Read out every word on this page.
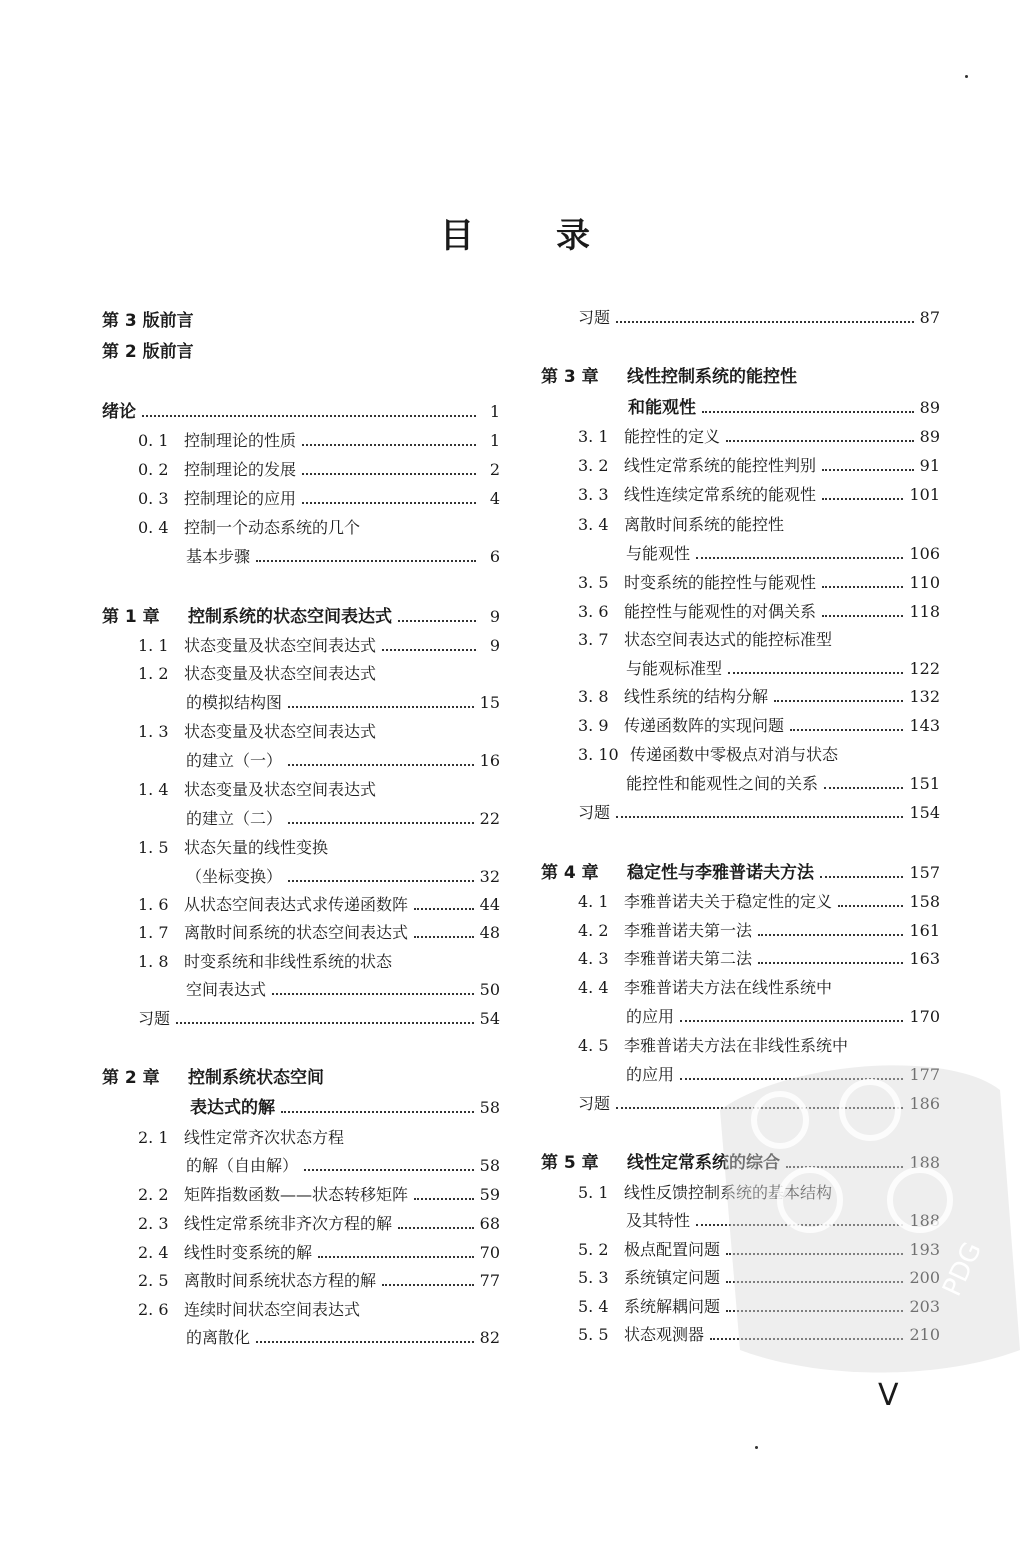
目 录
第 3 版前言
第 2 版前言
绪论	1
0. 1 控制理论的性质	1
0. 2 控制理论的发展	2
0. 3 控制理论的应用	4
0. 4 控制一个动态系统的几个
基本步骤	6
第 1 章	控制系统的状态空间表达式	9
1. 1 状态变量及状态空间表达式	9
1. 2 状态变量及状态空间表达式
的模拟结构图	15
1. 3 状态变量及状态空间表达式
的建立（一）	16
1. 4 状态变量及状态空间表达式
的建立（二）	22
1. 5 状态矢量的线性变换
（坐标变换）	32
1. 6 从状态空间表达式求传递函数阵	44
1. 7 离散时间系统的状态空间表达式	48
1. 8 时变系统和非线性系统的状态
空间表达式	50
习题	54
第 2 章	控制系统状态空间
表达式的解	58
2. 1 线性定常齐次状态方程
的解（自由解）	58
2. 2 矩阵指数函数——状态转移矩阵	59
2. 3 线性定常系统非齐次方程的解	68
2. 4 线性时变系统的解	70
2. 5 离散时间系统状态方程的解	77
2. 6 连续时间状态空间表达式
的离散化	82
习题	87
第 3 章	线性控制系统的能控性
和能观性	89
3. 1 能控性的定义	89
3. 2 线性定常系统的能控性判别	91
3. 3 线性连续定常系统的能观性	101
3. 4 离散时间系统的能控性
与能观性	106
3. 5 时变系统的能控性与能观性	110
3. 6 能控性与能观性的对偶关系	118
3. 7 状态空间表达式的能控标准型
与能观标准型	122
3. 8 线性系统的结构分解	132
3. 9 传递函数阵的实现问题	143
3. 10 传递函数中零极点对消与状态
能控性和能观性之间的关系	151
习题	154
第 4 章	稳定性与李雅普诺夫方法	157
4. 1 李雅普诺夫关于稳定性的定义	158
4. 2 李雅普诺夫第一法	161
4. 3 李雅普诺夫第二法	163
4. 4 李雅普诺夫方法在线性系统中
的应用	170
4. 5 李雅普诺夫方法在非线性系统中
的应用	177
习题	186
第 5 章	线性定常系统的综合	188
5. 1 线性反馈控制系统的基本结构
及其特性	188
5. 2 极点配置问题	193
5. 3 系统镇定问题	200
5. 4 系统解耦问题	203
5. 5 状态观测器	210
PDG
V
